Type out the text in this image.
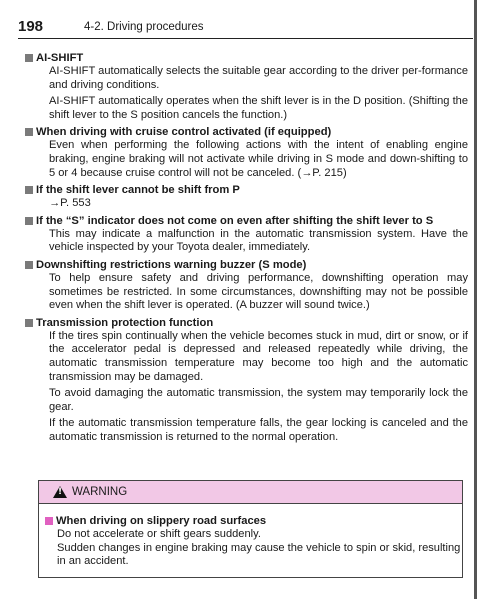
198	4-2. Driving procedures
AI-SHIFT

AI-SHIFT automatically selects the suitable gear according to the driver per-formance and driving conditions.

AI-SHIFT automatically operates when the shift lever is in the D position. (Shifting the shift lever to the S position cancels the function.)

When driving with cruise control activated (if equipped)

Even when performing the following actions with the intent of enabling engine braking, engine braking will not activate while driving in S mode and down-shifting to 5 or 4 because cruise control will not be canceled. (→P. 215)

If the shift lever cannot be shift from P

→P. 553

If the “S” indicator does not come on even after shifting the shift lever to S

This may indicate a malfunction in the automatic transmission system. Have the vehicle inspected by your Toyota dealer, immediately.

Downshifting restrictions warning buzzer (S mode)

To help ensure safety and driving performance, downshifting operation may sometimes be restricted. In some circumstances, downshifting may not be possible even when the shift lever is operated. (A buzzer will sound twice.)

Transmission protection function

If the tires spin continually when the vehicle becomes stuck in mud, dirt or snow, or if the accelerator pedal is depressed and released repeatedly while driving, the automatic transmission temperature may become too high and the automatic transmission may be damaged.

To avoid damaging the automatic transmission, the system may temporarily lock the gear.

If the automatic transmission temperature falls, the gear locking is canceled and the automatic transmission is returned to the normal operation.

!
WARNING
When driving on slippery road surfaces

Do not accelerate or shift gears suddenly.

Sudden changes in engine braking may cause the vehicle to spin or skid, resulting in an accident.
